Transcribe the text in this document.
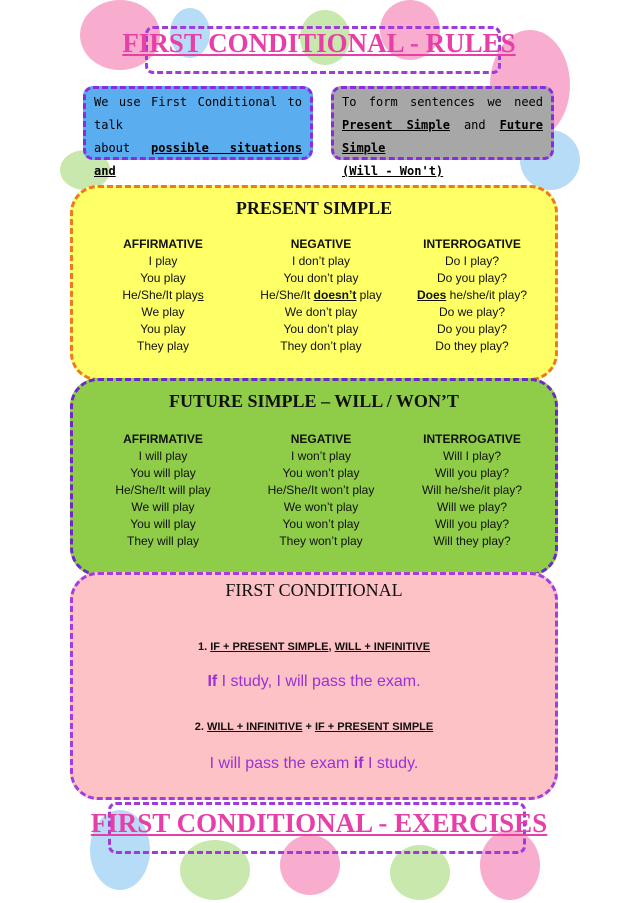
FIRST CONDITIONAL - RULES
We use First Conditional to talk
about possible situations and
To form sentences we need
Present Simple and Future Simple
(Will - Won't)
PRESENT SIMPLE
AFFIRMATIVE
I play
You play
He/She/It plays
We play
You play
They play
NEGATIVE
I don’t play
You don’t play
He/She/It doesn’t play
We don’t play
You don’t play
They don’t play
INTERROGATIVE
Do I play?
Do you play?
Does he/she/it play?
Do we play?
Do you play?
Do they play?
FUTURE SIMPLE – WILL / WON’T
AFFIRMATIVE
I will play
You will play
He/She/It will play
We will play
You will play
They will play
NEGATIVE
I won’t play
You won’t play
He/She/It won’t play
We won’t play
You won’t play
They won’t play
INTERROGATIVE
Will I play?
Will you play?
Will he/she/it play?
Will we play?
Will you play?
Will they play?
FIRST CONDITIONAL
1. IF + PRESENT SIMPLE, WILL + INFINITIVE
If I study, I will pass the exam.
2. WILL + INFINITIVE + IF + PRESENT SIMPLE
I will pass the exam if I study.
FIRST CONDITIONAL - EXERCISES
